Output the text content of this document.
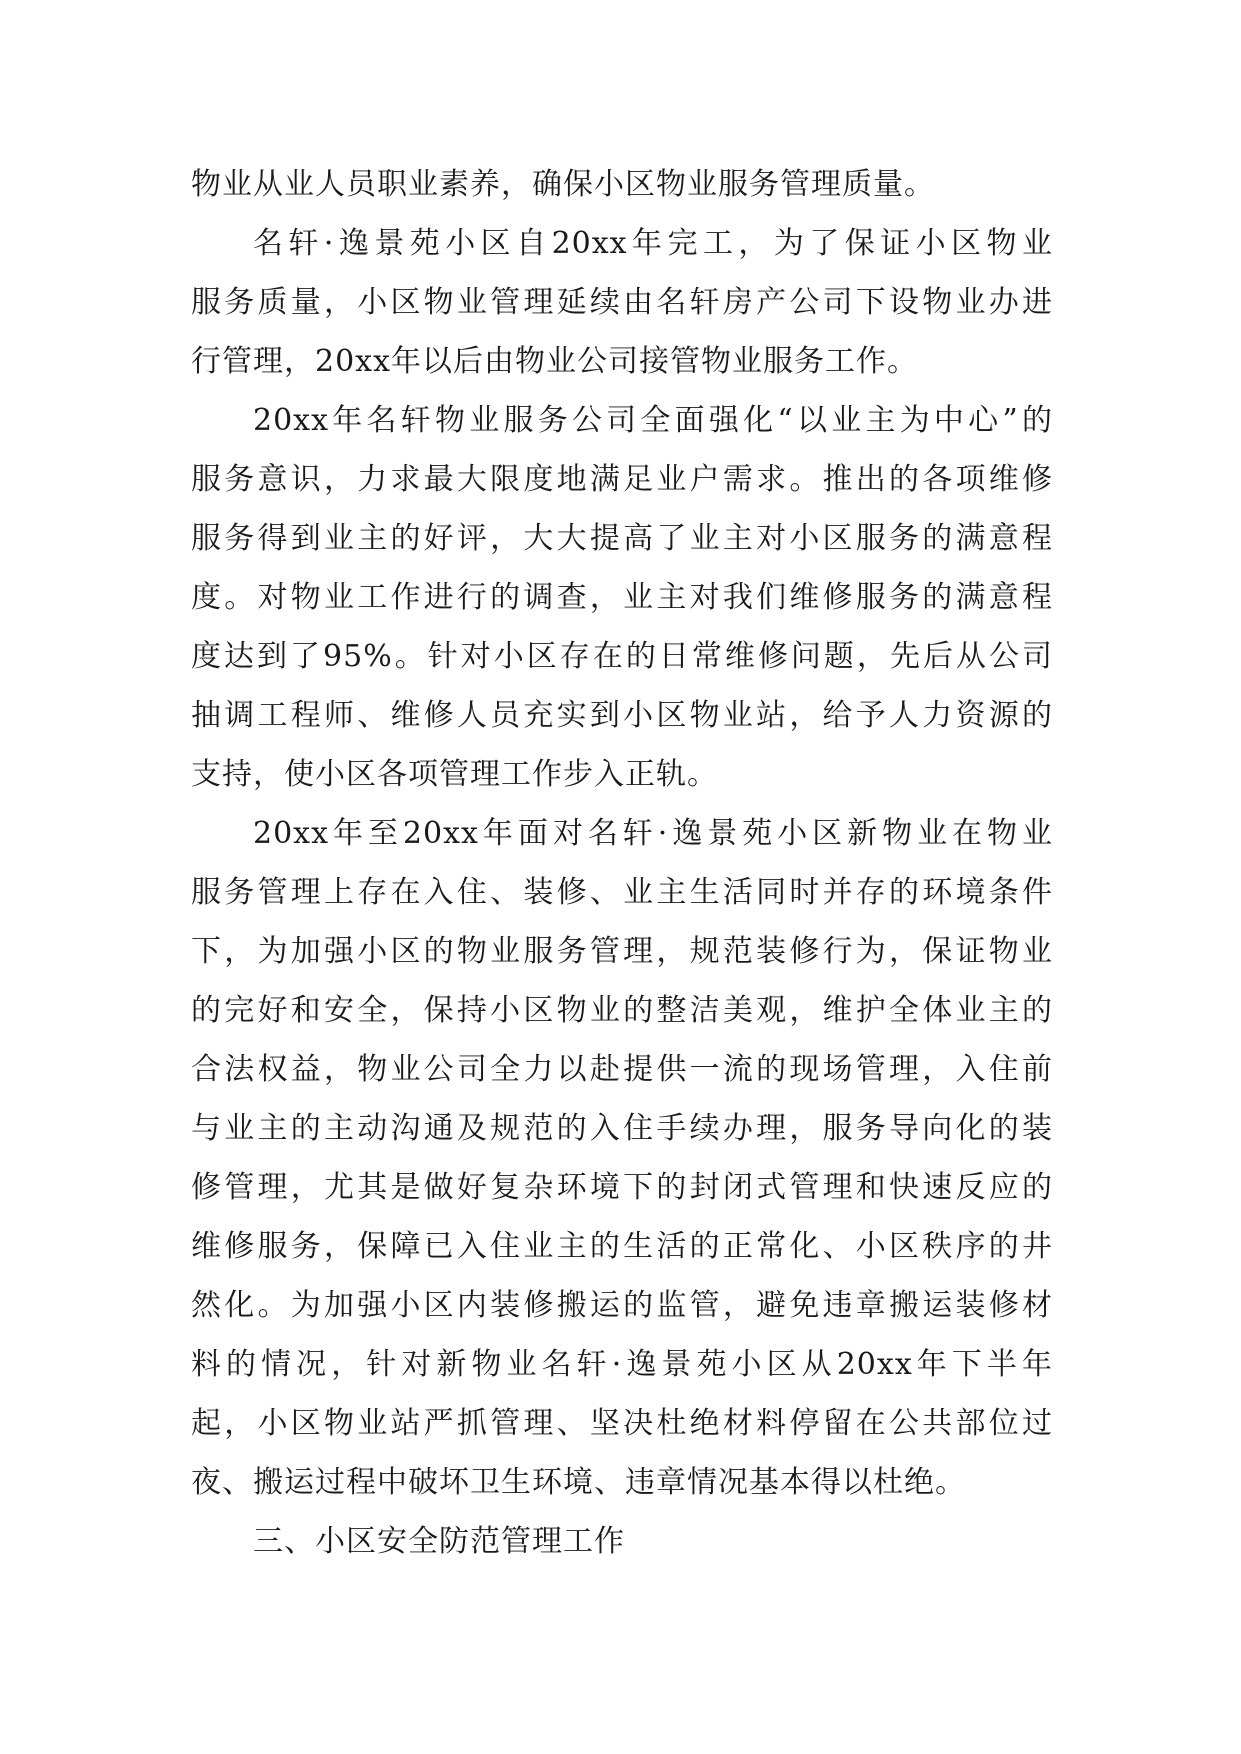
物业从业人员职业素养，确保小区物业服务管理质量。
名轩·逸景苑小区自20xx年完工，为了保证小区物业
服务质量，小区物业管理延续由名轩房产公司下设物业办进
行管理，20xx年以后由物业公司接管物业服务工作。
20xx年名轩物业服务公司全面强化“以业主为中心”的
服务意识，力求最大限度地满足业户需求。推出的各项维修
服务得到业主的好评，大大提高了业主对小区服务的满意程
度。对物业工作进行的调查，业主对我们维修服务的满意程
度达到了95%。针对小区存在的日常维修问题，先后从公司
抽调工程师、维修人员充实到小区物业站，给予人力资源的
支持，使小区各项管理工作步入正轨。
20xx年至20xx年面对名轩·逸景苑小区新物业在物业
服务管理上存在入住、装修、业主生活同时并存的环境条件
下，为加强小区的物业服务管理，规范装修行为，保证物业
的完好和安全，保持小区物业的整洁美观，维护全体业主的
合法权益，物业公司全力以赴提供一流的现场管理，入住前
与业主的主动沟通及规范的入住手续办理，服务导向化的装
修管理，尤其是做好复杂环境下的封闭式管理和快速反应的
维修服务，保障已入住业主的生活的正常化、小区秩序的井
然化。为加强小区内装修搬运的监管，避免违章搬运装修材
料的情况，针对新物业名轩·逸景苑小区从20xx年下半年
起，小区物业站严抓管理、坚决杜绝材料停留在公共部位过
夜、搬运过程中破坏卫生环境、违章情况基本得以杜绝。
三、小区安全防范管理工作
